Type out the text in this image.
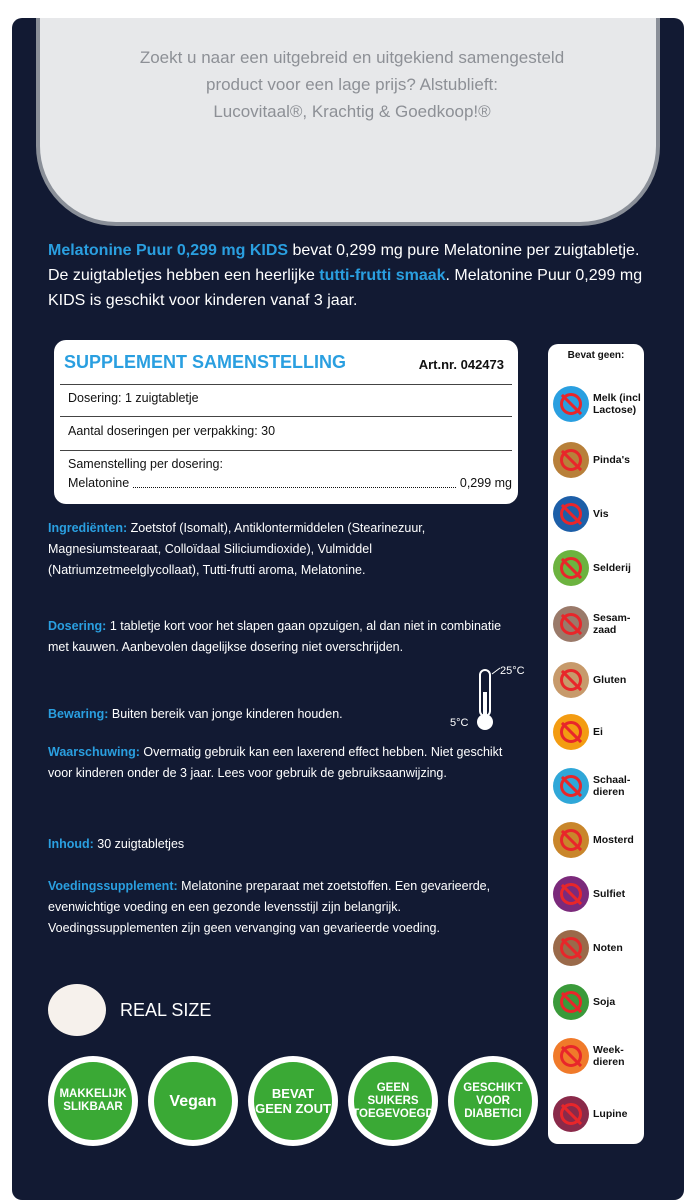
Zoekt u naar een uitgebreid en uitgekiend samengesteld
product voor een lage prijs? Alstublieft:
Lucovitaal®, Krachtig & Goedkoop!®
Melatonine Puur 0,299 mg KIDS bevat 0,299 mg pure Melatonine per zuigtabletje. De zuigtabletjes hebben een heerlijke tutti-frutti smaak. Melatonine Puur 0,299 mg KIDS is geschikt voor kinderen vanaf 3 jaar.
SUPPLEMENT SAMENSTELLING	Art.nr. 042473
Dosering: 1 zuigtabletje
Aantal doseringen per verpakking: 30
Samenstelling per dosering:
Melatonine	0,299 mg
Ingrediënten: Zoetstof (Isomalt), Antiklontermiddelen (Stearinezuur, Magnesiumstearaat, Colloïdaal Siliciumdioxide), Vulmiddel (Natriumzetmeelglycollaat), Tutti-frutti aroma, Melatonine.
Dosering: 1 tabletje kort voor het slapen gaan opzuigen, al dan niet in combinatie met kauwen. Aanbevolen dagelijkse dosering niet overschrijden.
Bewaring: Buiten bereik van jonge kinderen houden.
Waarschuwing: Overmatig gebruik kan een laxerend effect hebben. Niet geschikt voor kinderen onder de 3 jaar. Lees voor gebruik de gebruiksaanwijzing.
Inhoud: 30 zuigtabletjes
Voedingssupplement: Melatonine preparaat met zoetstoffen. Een gevarieerde, evenwichtige voeding en een gezonde levensstijl zijn belangrijk. Voedingssupplementen zijn geen vervanging van gevarieerde voeding.
25°C
5°C
REAL SIZE
MAKKELIJK SLIKBAAR	Vegan	BEVAT GEEN ZOUT
GEEN SUIKERS TOEGEVOEGD
GESCHIKT VOOR DIABETICI
Bevat geen:
Melk (incl Lactose)
Pinda's
Vis
Selderij
Sesam-zaad
Gluten
Ei
Schaal-dieren
Mosterd
Sulfiet
Noten
Soja
Week-dieren
Lupine
